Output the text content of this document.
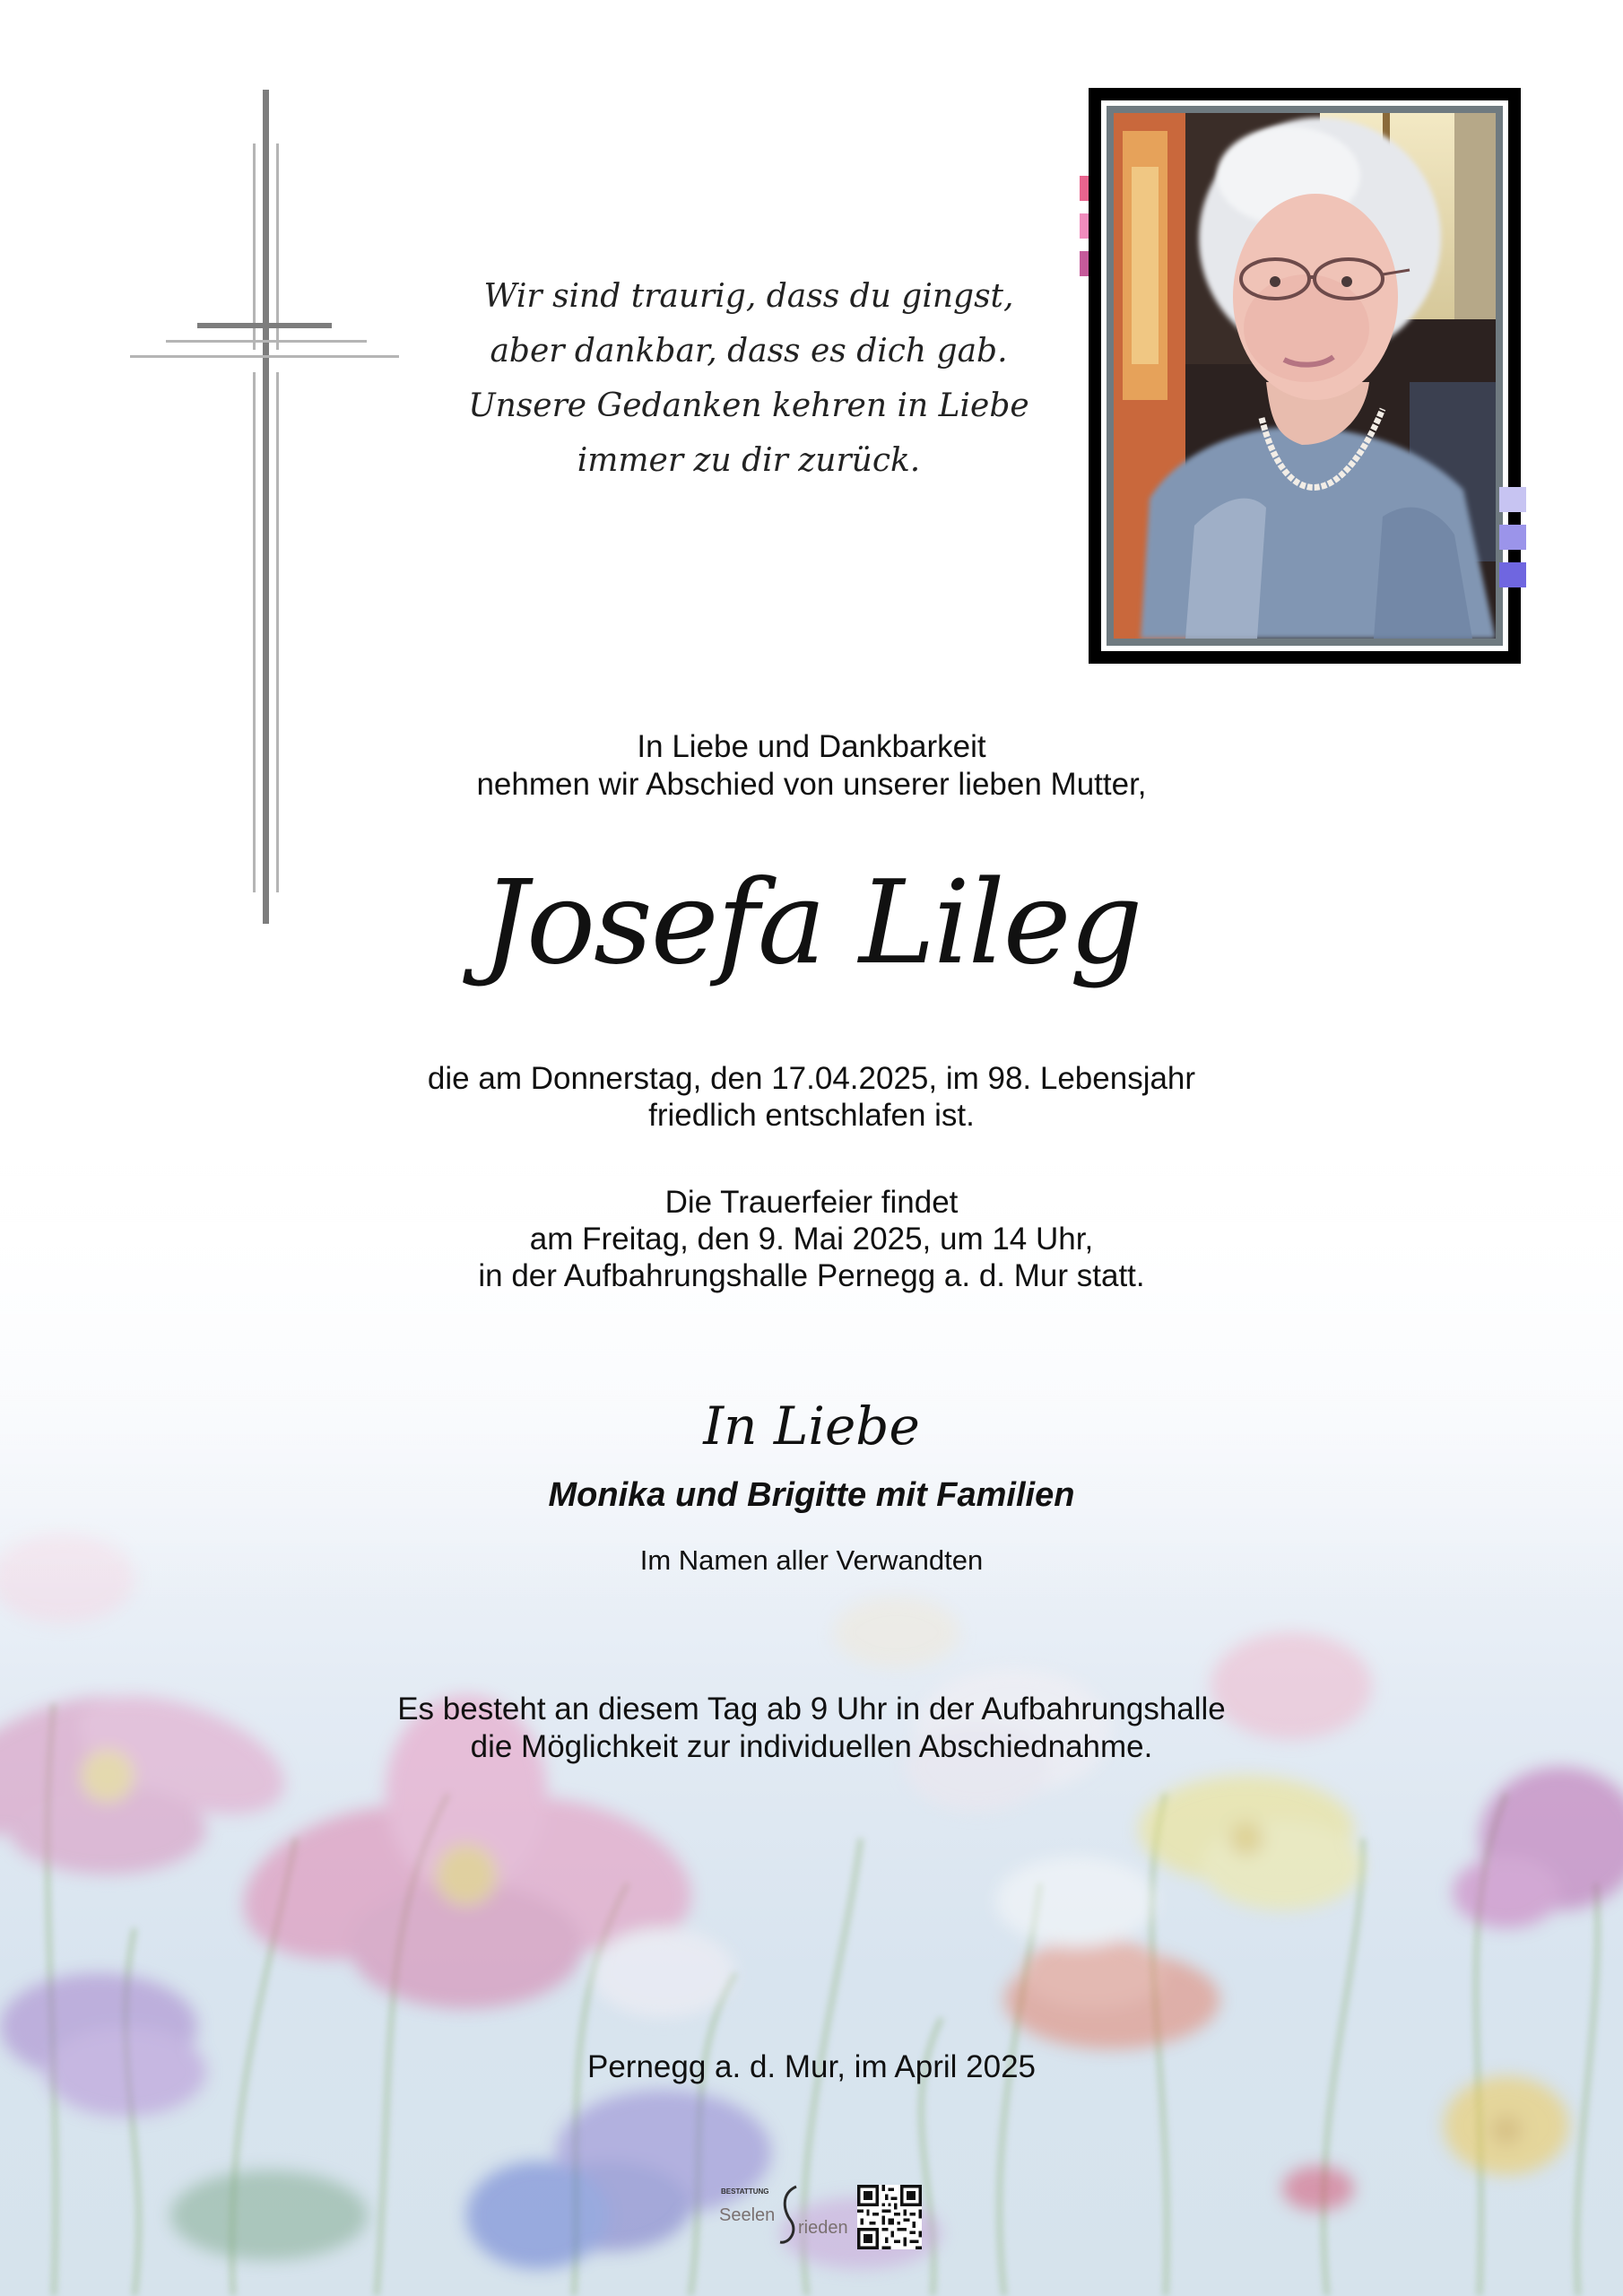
Wir sind traurig, dass du gingst,
aber dankbar, dass es dich gab.
Unsere Gedanken kehren in Liebe
immer zu dir zurück.
In Liebe und Dankbarkeit
nehmen wir Abschied von unserer lieben Mutter,
Josefa Lileg
die am Donnerstag, den 17.04.2025, im 98. Lebensjahr
friedlich entschlafen ist.
Die Trauerfeier findet
am Freitag, den 9. Mai 2025, um 14 Uhr,
in der Aufbahrungshalle Pernegg a. d. Mur statt.
In Liebe
Monika und Brigitte mit Familien
Im Namen aller Verwandten
Es besteht an diesem Tag ab 9 Uhr in der Aufbahrungshalle
die Möglichkeit zur individuellen Abschiednahme.
Pernegg a. d. Mur, im April 2025
BESTATTUNG
Seelen
rieden
